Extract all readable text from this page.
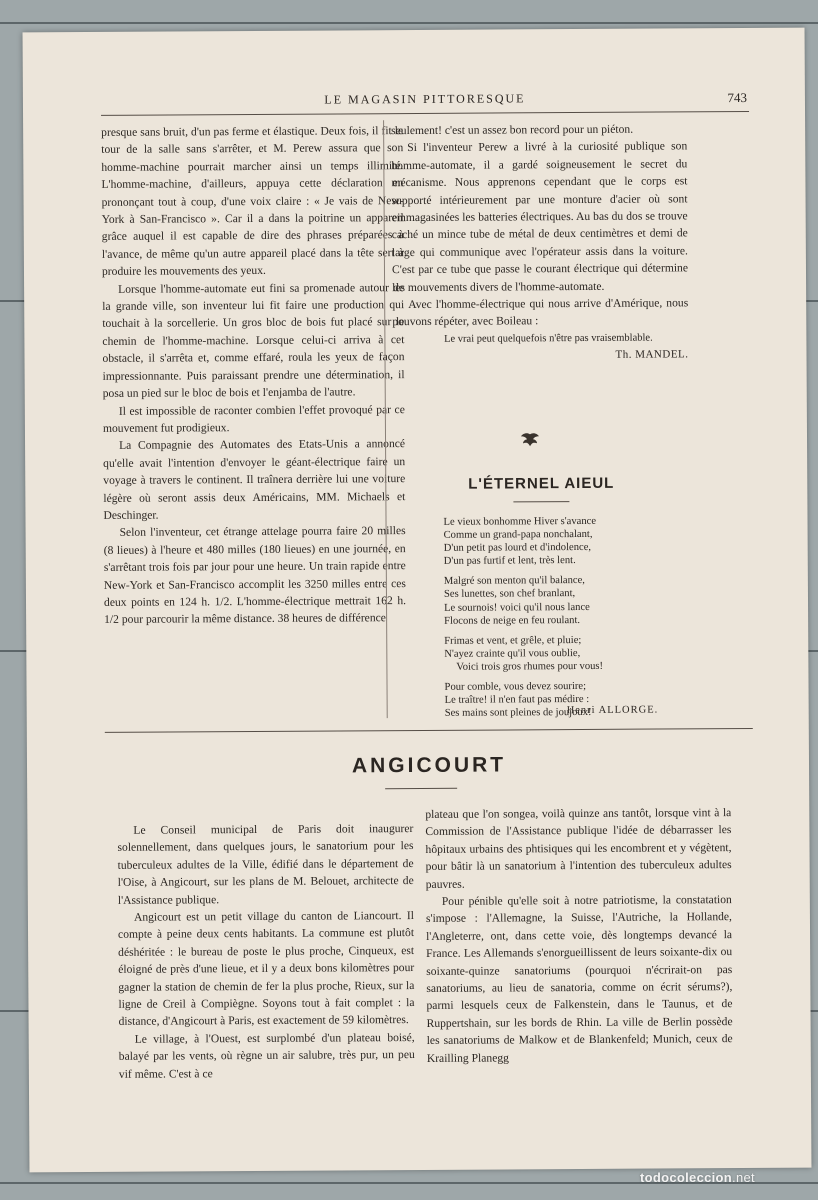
LE MAGASIN PITTORESQUE	743

presque sans bruit, d'un pas ferme et élastique. Deux fois, il fit le tour de la salle sans s'arrêter, et M. Perew assura que son homme-machine pourrait marcher ainsi un temps illimité. L'homme-machine, d'ailleurs, appuya cette déclaration en prononçant tout à coup, d'une voix claire : « Je vais de New-York à San-Francisco ». Car il a dans la poitrine un appareil grâce auquel il est capable de dire des phrases préparées à l'avance, de même qu'un autre appareil placé dans la tête sert à produire les mouvements des yeux.

Lorsque l'homme-automate eut fini sa promenade autour de la grande ville, son inventeur lui fit faire une production qui touchait à la sorcellerie. Un gros bloc de bois fut placé sur le chemin de l'homme-machine. Lorsque celui-ci arriva à cet obstacle, il s'arrêta et, comme effaré, roula les yeux de façon impressionnante. Puis paraissant prendre une détermination, il posa un pied sur le bloc de bois et l'enjamba de l'autre.

Il est impossible de raconter combien l'effet provoqué par ce mouvement fut prodigieux.

La Compagnie des Automates des Etats-Unis a annoncé qu'elle avait l'intention d'envoyer le géant-électrique faire un voyage à travers le continent. Il traînera derrière lui une voiture légère où seront assis deux Américains, MM. Michaels et Deschinger.

Selon l'inventeur, cet étrange attelage pourra faire 20 milles (8 lieues) à l'heure et 480 milles (180 lieues) en une journée, en s'arrêtant trois fois par jour pour une heure. Un train rapide entre New-York et San-Francisco accomplit les 3250 milles entre ces deux points en 124 h. 1/2. L'homme-électrique mettrait 162 h. 1/2 pour parcourir la même distance. 38 heures de différence

seulement! c'est un assez bon record pour un piéton.

Si l'inventeur Perew a livré à la curiosité publique son homme-automate, il a gardé soigneusement le secret du mécanisme. Nous apprenons cependant que le corps est supporté intérieurement par une monture d'acier où sont emmagasinées les batteries électriques. Au bas du dos se trouve caché un mince tube de métal de deux centimètres et demi de large qui communique avec l'opérateur assis dans la voiture. C'est par ce tube que passe le courant électrique qui détermine les mouvements divers de l'homme-automate.

Avec l'homme-électrique qui nous arrive d'Amérique, nous pouvons répéter, avec Boileau :

Le vrai peut quelquefois n'être pas vraisemblable.

Th. MANDEL.

L'ÉTERNEL AIEUL
Le vieux bonhomme Hiver s'avance
Comme un grand-papa nonchalant,
D'un petit pas lourd et d'indolence,
D'un pas furtif et lent, très lent.
Malgré son menton qu'il balance,
Ses lunettes, son chef branlant,
Le sournois! voici qu'il nous lance
Flocons de neige en feu roulant.
Frimas et vent, et grêle, et pluie;
N'ayez crainte qu'il vous oublie,
Voici trois gros rhumes pour vous!
Pour comble, vous devez sourire;
Le traître! il n'en faut pas médire :
Ses mains sont pleines de joujoux!
Henri ALLORGE.
ANGICOURT

Le Conseil municipal de Paris doit inaugurer solennellement, dans quelques jours, le sanatorium pour les tuberculeux adultes de la Ville, édifié dans le département de l'Oise, à Angicourt, sur les plans de M. Belouet, architecte de l'Assistance publique.

Angicourt est un petit village du canton de Liancourt. Il compte à peine deux cents habitants. La commune est plutôt déshéritée : le bureau de poste le plus proche, Cinqueux, est éloigné de près d'une lieue, et il y a deux bons kilomètres pour gagner la station de chemin de fer la plus proche, Rieux, sur la ligne de Creil à Compiègne. Soyons tout à fait complet : la distance, d'Angicourt à Paris, est exactement de 59 kilomètres.

Le village, à l'Ouest, est surplombé d'un plateau boisé, balayé par les vents, où règne un air salubre, très pur, un peu vif même. C'est à ce

plateau que l'on songea, voilà quinze ans tantôt, lorsque vint à la Commission de l'Assistance publique l'idée de débarrasser les hôpitaux urbains des phtisiques qui les encombrent et y végètent, pour bâtir là un sanatorium à l'intention des tuberculeux adultes pauvres.

Pour pénible qu'elle soit à notre patriotisme, la constatation s'impose : l'Allemagne, la Suisse, l'Autriche, la Hollande, l'Angleterre, ont, dans cette voie, dès longtemps devancé la France. Les Allemands s'enorgueillissent de leurs soixante-dix ou soixante-quinze sanatoriums (pourquoi n'écrirait-on pas sanatoriums, au lieu de sanatoria, comme on écrit sérums?), parmi lesquels ceux de Falkenstein, dans le Taunus, et de Ruppertshain, sur les bords de Rhin. La ville de Berlin possède les sanatoriums de Malkow et de Blankenfeld; Munich, ceux de Krailling Planegg

todocoleccion.net
